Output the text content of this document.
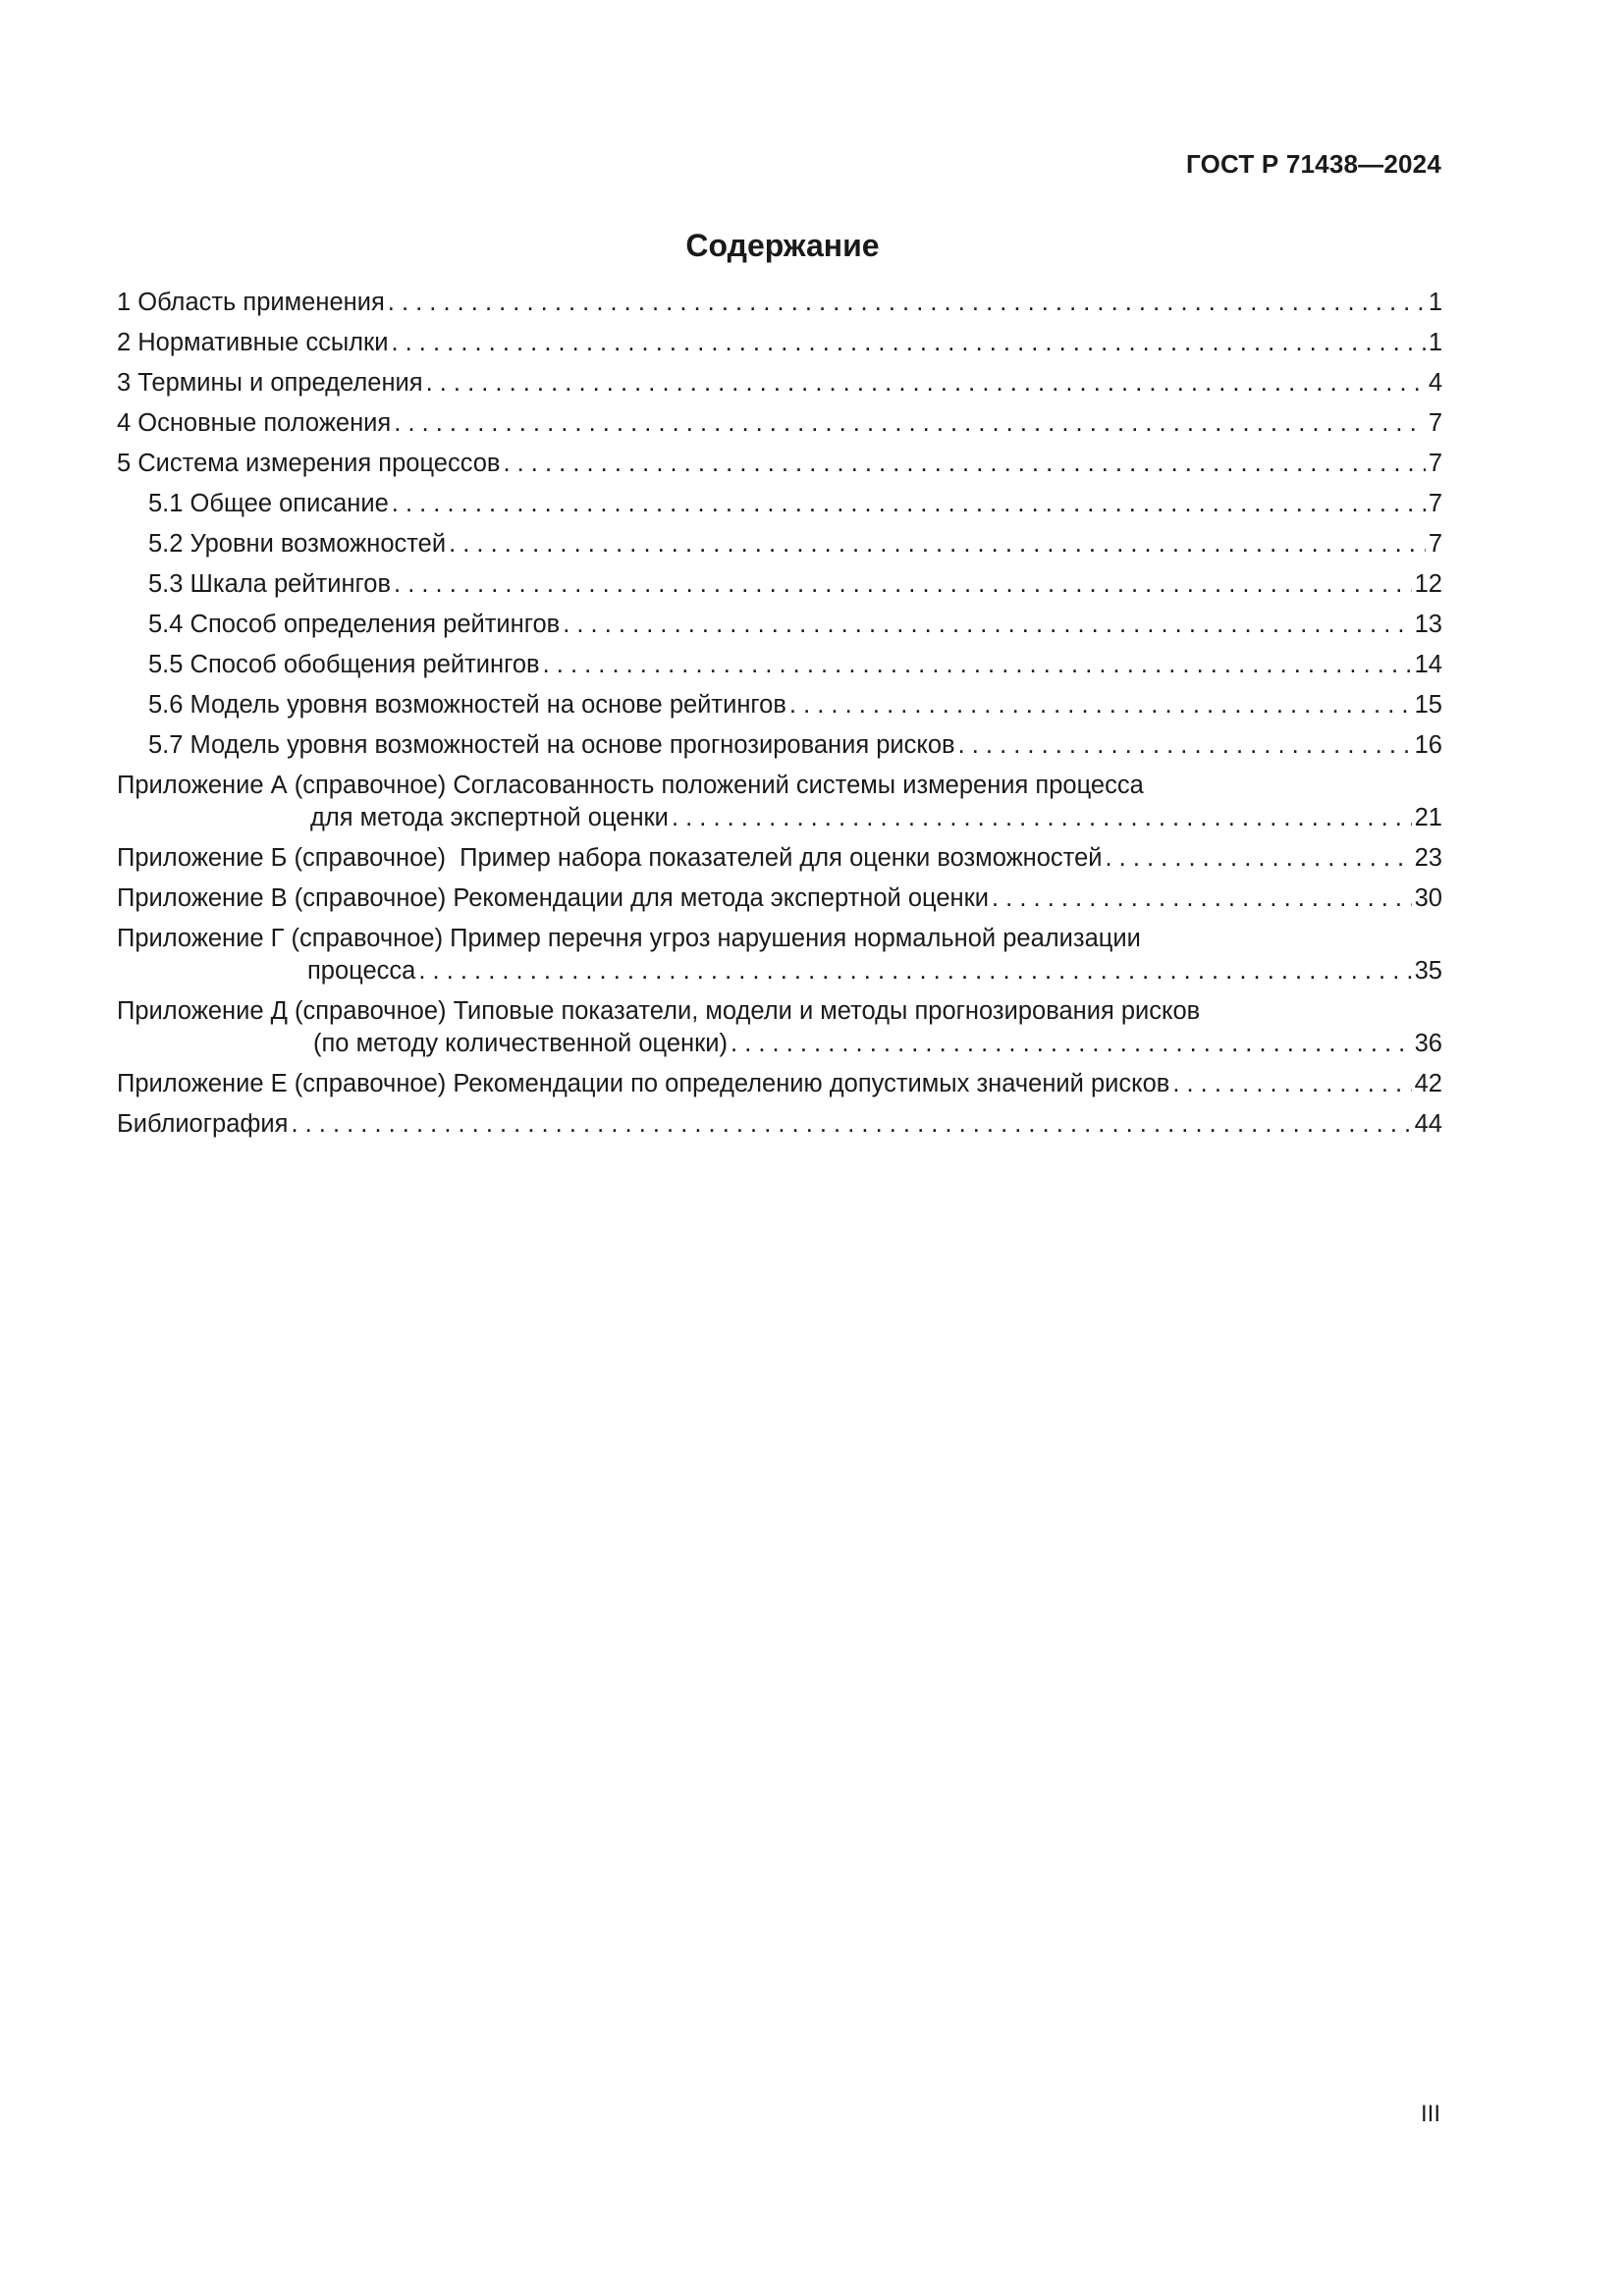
ГОСТ Р 71438—2024
Содержание
1 Область применения . . .	1
2 Нормативные ссылки . . .	1
3 Термины и определения . . .	4
4 Основные положения . . .	7
5 Система измерения процессов . . .	7
5.1 Общее описание . . .	7
5.2 Уровни возможностей . . .	7
5.3 Шкала рейтингов . . .	12
5.4 Способ определения рейтингов . . .	13
5.5 Способ обобщения рейтингов . . .	14
5.6 Модель уровня возможностей на основе рейтингов . . .	15
5.7 Модель уровня возможностей на основе прогнозирования рисков . . .	16
Приложение А (справочное) Согласованность положений системы измерения процесса
для метода экспертной оценки . . .	21
Приложение Б (справочное)  Пример набора показателей для оценки возможностей . . .	23
Приложение В (справочное) Рекомендации для метода экспертной оценки . . .	30
Приложение Г (справочное) Пример перечня угроз нарушения нормальной реализации
процесса . . .	35
Приложение Д (справочное) Типовые показатели, модели и методы прогнозирования рисков
(по методу количественной оценки) . . .	36
Приложение Е (справочное) Рекомендации по определению допустимых значений рисков . . .	42
Библиография . . .	44
III
